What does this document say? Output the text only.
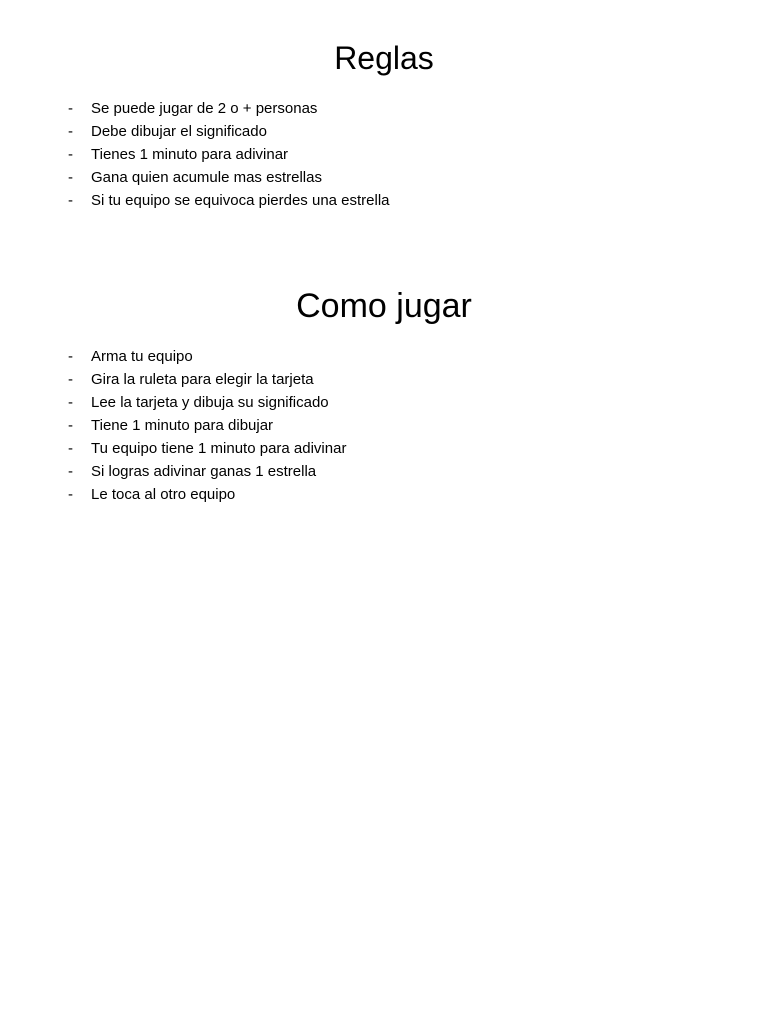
Reglas
- Se puede jugar de 2 o + personas
- Debe dibujar el significado
- Tienes 1 minuto para adivinar
- Gana quien acumule mas estrellas
- Si tu equipo se equivoca pierdes una estrella
Como jugar
- Arma tu equipo
- Gira la ruleta para elegir la tarjeta
- Lee la tarjeta y dibuja su significado
- Tiene 1 minuto para dibujar
- Tu equipo tiene 1 minuto para adivinar
- Si logras adivinar ganas 1 estrella
- Le toca al otro equipo
